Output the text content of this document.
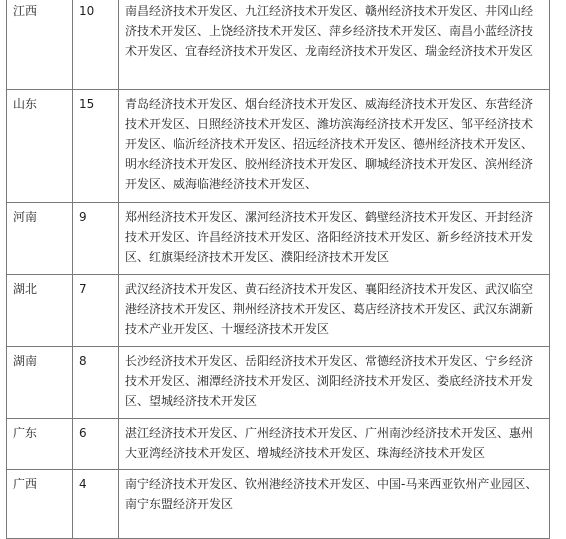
江西	10	南昌经济技术开发区、九江经济技术开发区、赣州经济技术开发区、井冈山经济技术开发区、上饶经济技术开发区、萍乡经济技术开发区、南昌小蓝经济技术开发区、宜春经济技术开发区、龙南经济技术开发区、瑞金经济技术开发区
山东	15	青岛经济技术开发区、烟台经济技术开发区、威海经济技术开发区、东营经济技术开发区、日照经济技术开发区、潍坊滨海经济技术开发区、邹平经济技术开发区、临沂经济技术开发区、招远经济技术开发区、德州经济技术开发区、明水经济技术开发区、胶州经济技术开发区、聊城经济技术开发区、滨州经济开发区、威海临港经济技术开发区、
河南	9	郑州经济技术开发区、漯河经济技术开发区、鹤壁经济技术开发区、开封经济技术开发区、许昌经济技术开发区、洛阳经济技术开发区、新乡经济技术开发区、红旗渠经济技术开发区、濮阳经济技术开发区
湖北	7	武汉经济技术开发区、黄石经济技术开发区、襄阳经济技术开发区、武汉临空港经济技术开发区、荆州经济技术开发区、葛店经济技术开发区、武汉东湖新技术产业开发区、十堰经济技术开发区
湖南	8	长沙经济技术开发区、岳阳经济技术开发区、常德经济技术开发区、宁乡经济技术开发区、湘潭经济技术开发区、浏阳经济技术开发区、娄底经济技术开发区、望城经济技术开发区
广东	6	湛江经济技术开发区、广州经济技术开发区、广州南沙经济技术开发区、惠州大亚湾经济技术开发区、增城经济技术开发区、珠海经济技术开发区
广西	4	南宁经济技术开发区、钦州港经济技术开发区、中国-马来西亚钦州产业园区、南宁东盟经济开发区
